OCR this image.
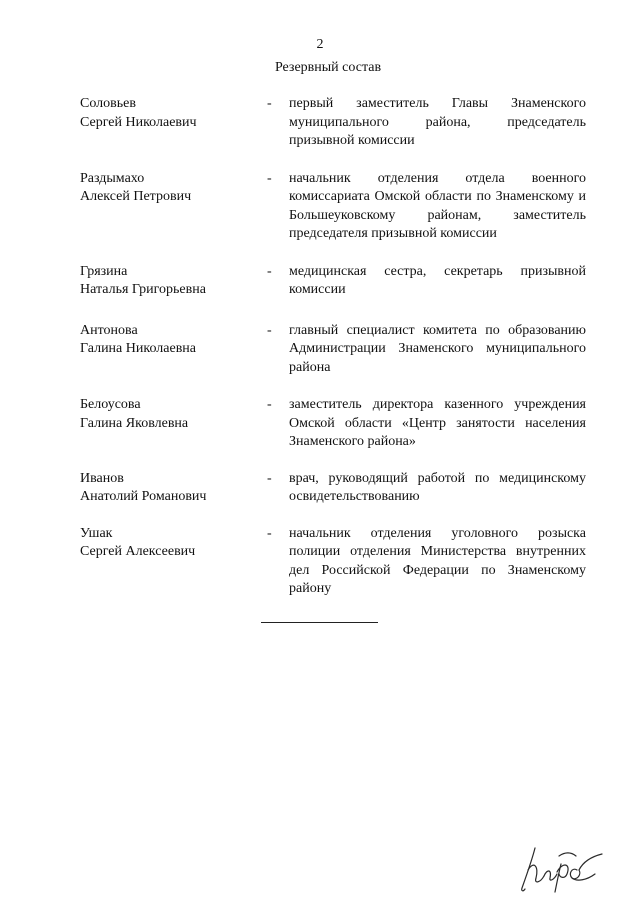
2
Резервный состав
Соловьев
Сергей Николаевич
- первый заместитель Главы Знаменского муниципального района, председатель призывной комиссии
Раздымахо
Алексей Петрович
- начальник отделения отдела военного комиссариата Омской области по Знаменскому и Большеуковскому районам, заместитель председателя призывной комиссии
Грязина
Наталья Григорьевна
- медицинская сестра, секретарь призывной комиссии
Антонова
Галина Николаевна
- главный специалист комитета по образованию Администрации Знаменского муниципального района
Белоусова
Галина Яковлевна
- заместитель директора казенного учреждения Омской области «Центр занятости населения Знаменского района»
Иванов
Анатолий Романович
- врач, руководящий работой по медицинскому освидетельствованию
Ушак
Сергей Алексеевич
- начальник отделения уголовного розыска полиции отделения Министерства внутренних дел Российской Федерации по Знаменскому району
